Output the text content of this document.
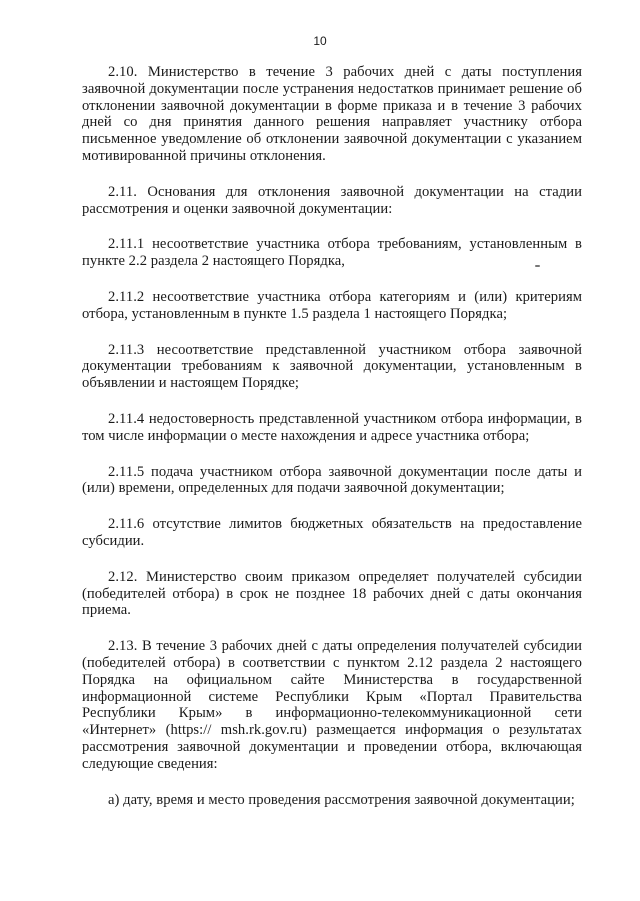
10

2.10. Министерство в течение 3 рабочих дней с даты поступления заявочной документации после устранения недостатков принимает решение об отклонении заявочной документации в форме приказа и в течение 3 рабочих дней со дня принятия данного решения направляет участнику отбора письменное уведомление об отклонении заявочной документации с указанием мотивированной причины отклонения.

2.11. Основания для отклонения заявочной документации на стадии рассмотрения и оценки заявочной документации:

2.11.1 несоответствие участника отбора требованиям, установленным в пункте 2.2 раздела 2 настоящего Порядка,

2.11.2 несоответствие участника отбора категориям и (или) критериям отбора, установленным в пункте 1.5 раздела 1 настоящего Порядка;

2.11.3 несоответствие представленной участником отбора заявочной документации требованиям к заявочной документации, установленным в объявлении и настоящем Порядке;

2.11.4 недостоверность представленной участником отбора информации, в том числе информации о месте нахождения и адресе участника отбора;

2.11.5 подача участником отбора заявочной документации после даты и (или) времени, определенных для подачи заявочной документации;

2.11.6 отсутствие лимитов бюджетных обязательств на предоставление субсидии.

2.12. Министерство своим приказом определяет получателей субсидии (победителей отбора) в срок не позднее 18 рабочих дней с даты окончания приема.

2.13. В течение 3 рабочих дней с даты определения получателей субсидии (победителей отбора) в соответствии с пунктом 2.12 раздела 2 настоящего Порядка на официальном сайте Министерства в государственной информационной системе Республики Крым «Портал Правительства Республики Крым» в информационно-телекоммуникационной сети «Интернет» (https:// msh.rk.gov.ru) размещается информация о результатах рассмотрения заявочной документации и проведении отбора, включающая следующие сведения:

а) дату, время и место проведения рассмотрения заявочной документации;
